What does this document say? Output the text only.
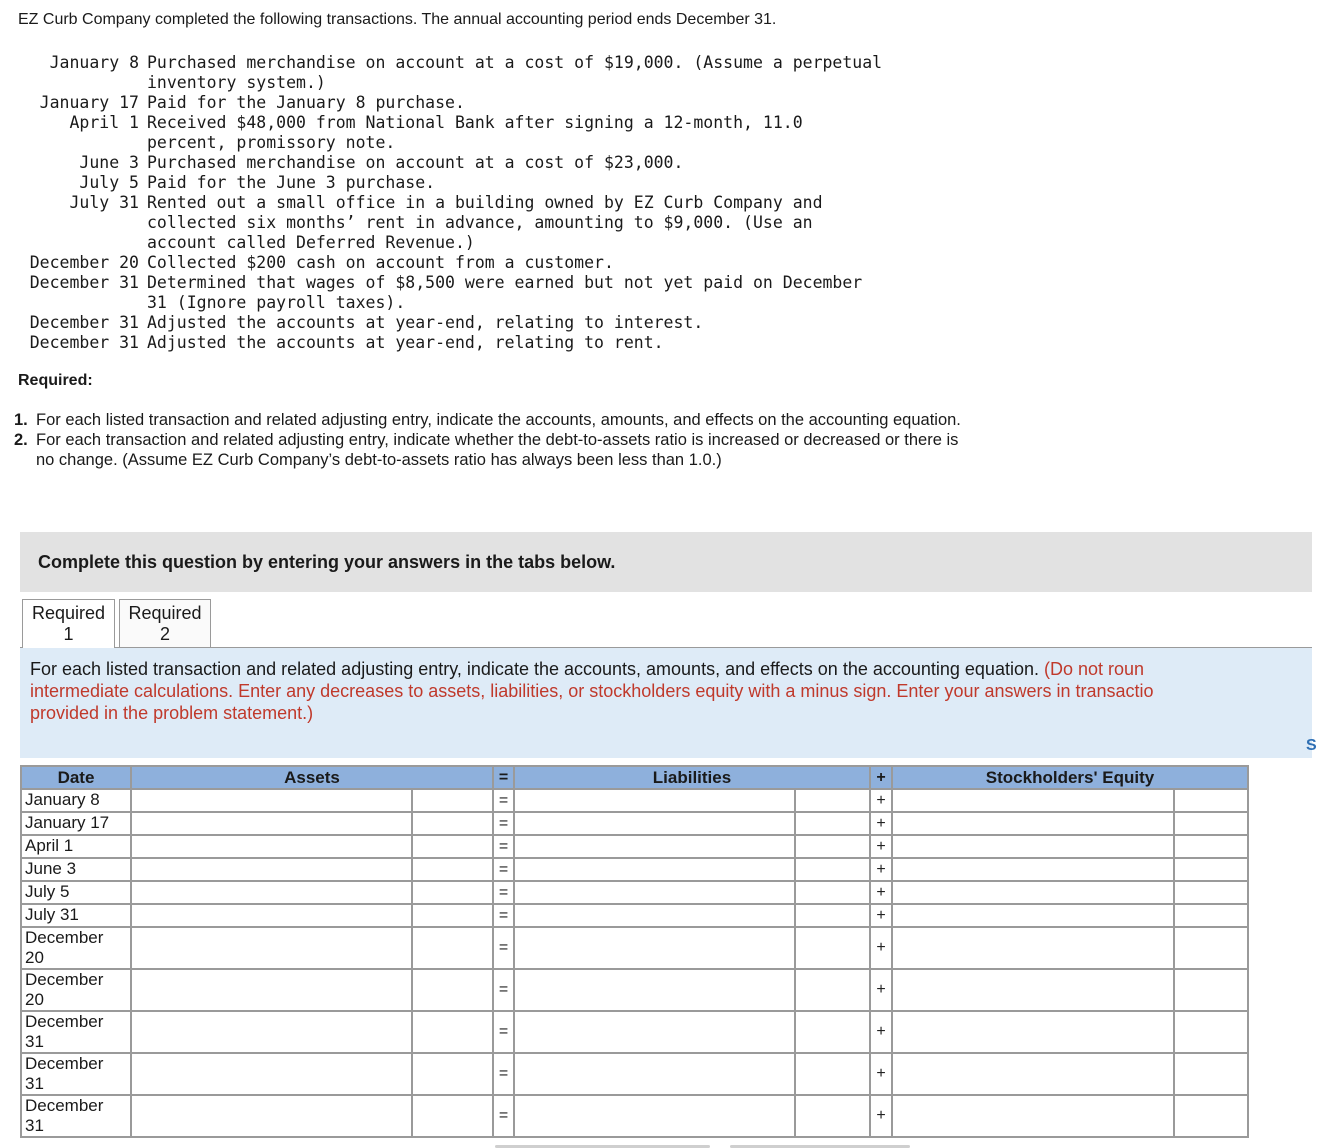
EZ Curb Company completed the following transactions. The annual accounting period ends December 31.
January 8 Purchased merchandise on account at a cost of $19,000. (Assume a perpetual
inventory system.)
January 17 Paid for the January 8 purchase.
April 1 Received $48,000 from National Bank after signing a 12-month, 11.0
percent, promissory note.
June 3 Purchased merchandise on account at a cost of $23,000.
July 5 Paid for the June 3 purchase.
July 31 Rented out a small office in a building owned by EZ Curb Company and
collected six months’ rent in advance, amounting to $9,000. (Use an
account called Deferred Revenue.)
December 20 Collected $200 cash on account from a customer.
December 31 Determined that wages of $8,500 were earned but not yet paid on December
31 (Ignore payroll taxes).
December 31 Adjusted the accounts at year-end, relating to interest.
December 31 Adjusted the accounts at year-end, relating to rent.
Required:
1. For each listed transaction and related adjusting entry, indicate the accounts, amounts, and effects on the accounting equation.
2. For each transaction and related adjusting entry, indicate whether the debt-to-assets ratio is increased or decreased or there is no change. (Assume EZ Curb Company’s debt-to-assets ratio has always been less than 1.0.)
Complete this question by entering your answers in the tabs below.
Required
1
Required
2
For each listed transaction and related adjusting entry, indicate the accounts, amounts, and effects on the accounting equation. (Do not roun
intermediate calculations. Enter any decreases to assets, liabilities, or stockholders equity with a minus sign. Enter your answers in transactio
provided in the problem statement.)
S
Date	Assets		=	Liabilities		+	Stockholders' Equity	

January 8			=			+	

January 17			=			+	

April 1			=			+	

June 3			=			+	

July 5			=			+	

July 31			=			+	

December
20			=			+	

December
20			=			+	

December
31			=			+	

December
31			=			+	

December
31			=			+	
